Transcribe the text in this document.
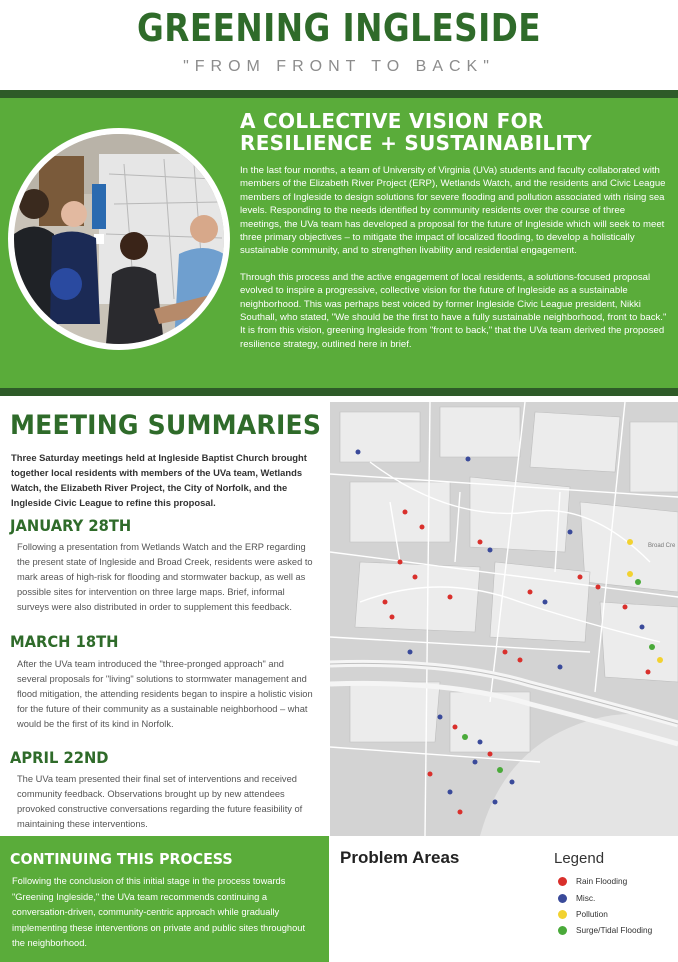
GREENING INGLESIDE
"FROM FRONT TO BACK"
A COLLECTIVE VISION FOR
RESILIENCE + SUSTAINABILITY

In the last four months, a team of University of Virginia (UVa) students and faculty collaborated with members of the Elizabeth River Project (ERP), Wetlands Watch, and the residents and Civic League members of Ingleside to design solutions for severe flooding and pollution associated with rising sea levels. Responding to the needs identified by community residents over the course of three meetings, the UVa team has developed a proposal for the future of Ingleside which will seek to meet three primary objectives – to mitigate the impact of localized flooding, to develop a holistically sustainable community, and to strengthen livability and residential engagement.

Through this process and the active engagement of local residents, a solutions-focused proposal evolved to inspire a progressive, collective vision for the future of Ingleside as a sustainable neighborhood. This was perhaps best voiced by former Ingleside Civic League president, Nikki Southall, who stated, "We should be the first to have a fully sustainable neighborhood, front to back." It is from this vision, greening Ingleside from "front to back," that the UVa team derived the proposed resilience strategy, outlined here in brief.

MEETING SUMMARIES
Three Saturday meetings held at Ingleside Baptist Church brought together local residents with members of the UVa team, Wetlands Watch, the Elizabeth River Project, the City of Norfolk, and the Ingleside Civic League to refine this proposal.
JANUARY 28TH
Following a presentation from Wetlands Watch and the ERP regarding the present state of Ingleside and Broad Creek, residents were asked to mark areas of high-risk for flooding and stormwater backup, as well as possible sites for intervention on three large maps. Brief, informal surveys were also distributed in order to supplement this feedback.
MARCH 18TH
After the UVa team introduced the "three-pronged approach" and several proposals for "living" solutions to stormwater management and flood mitigation, the attending residents began to inspire a holistic vision for the future of their community as a sustainable neighborhood – what would be the first of its kind in Norfolk.
APRIL 22ND
The UVa team presented their final set of interventions and received community feedback. Observations brought up by new attendees provoked constructive conversations regarding the future feasibility of maintaining these interventions.
CONTINUING THIS PROCESS
Following the conclusion of this initial stage in the process towards "Greening Ingleside," the UVa team recommends continuing a conversation-driven, community-centric approach while gradually implementing these interventions on private and public sites throughout the neighborhood.
Broad Cre
Problem Areas	Legend
Rain Flooding
Misc.
Pollution
Surge/Tidal Flooding
